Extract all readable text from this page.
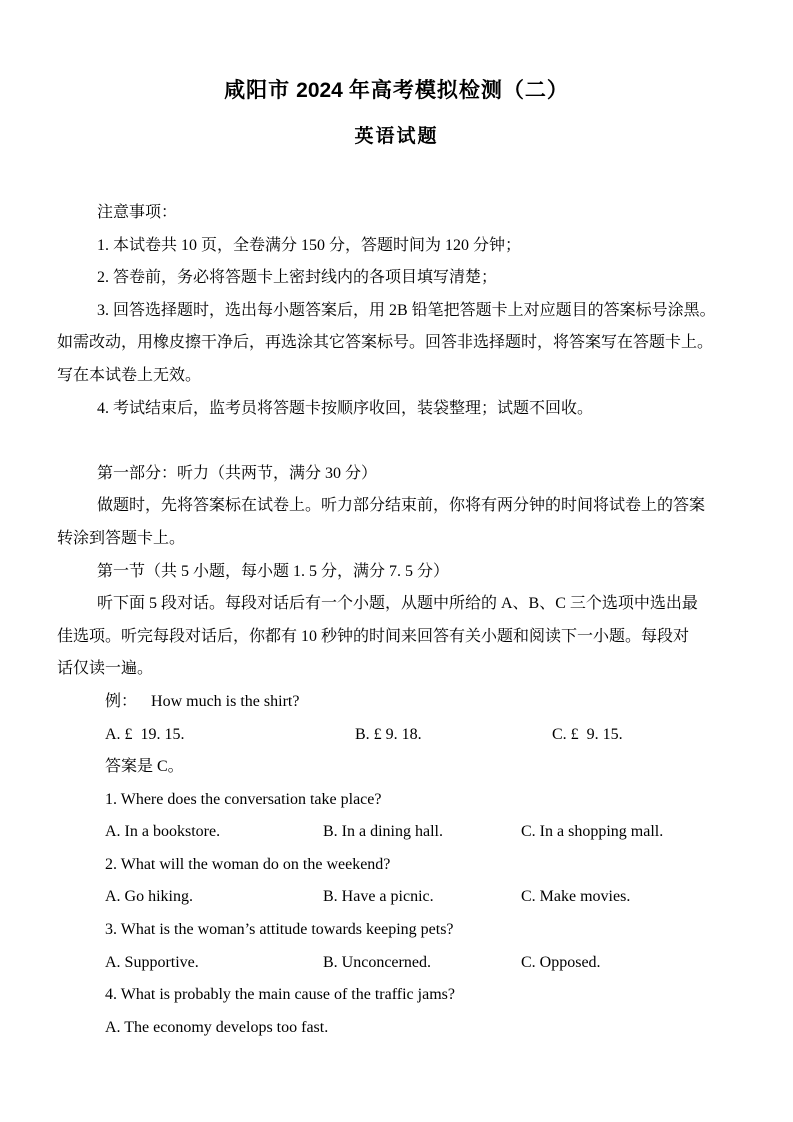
咸阳市 2024 年高考模拟检测（二）
英语试题
注意事项：
1. 本试卷共 10 页，全卷满分 150 分，答题时间为 120 分钟；
2. 答卷前，务必将答题卡上密封线内的各项目填写清楚；
3. 回答选择题时，选出每小题答案后，用 2B 铅笔把答题卡上对应题目的答案标号涂黑。
如需改动，用橡皮擦干净后，再选涂其它答案标号。回答非选择题时，将答案写在答题卡上。
写在本试卷上无效。
4. 考试结束后，监考员将答题卡按顺序收回，装袋整理；试题不回收。
第一部分：听力（共两节，满分 30 分）
做题时，先将答案标在试卷上。听力部分结束前，你将有两分钟的时间将试卷上的答案
转涂到答题卡上。
第一节（共 5 小题，每小题 1. 5 分，满分 7. 5 分）
听下面 5 段对话。每段对话后有一个小题，从题中所给的 A、B、C 三个选项中选出最
佳选项。听完每段对话后，你都有 10 秒钟的时间来回答有关小题和阅读下一小题。每段对
话仅读一遍。
例： How much is the shirt?
A. £  19. 15.	B. £ 9. 18.	C. £  9. 15.
答案是 C。
1. Where does the conversation take place?
A. In a bookstore.	B. In a dining hall.	C. In a shopping mall.
2. What will the woman do on the weekend?
A. Go hiking.	B. Have a picnic.	C. Make movies.
3. What is the woman’s attitude towards keeping pets?
A. Supportive.	B. Unconcerned.	C. Opposed.
4. What is probably the main cause of the traffic jams?
A. The economy develops too fast.
